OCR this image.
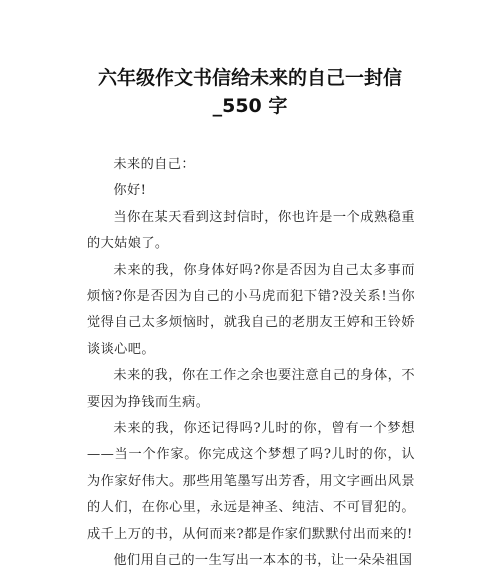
六年级作文书信给未来的自己一封信
_550 字

未来的自己：

你好!

当你在某天看到这封信时，你也许是一个成熟稳重的大姑娘了。

未来的我，你身体好吗?你是否因为自己太多事而烦恼?你是否因为自己的小马虎而犯下错?没关系!当你觉得自己太多烦恼时，就我自己的老朋友王婷和王铃娇谈谈心吧。

未来的我，你在工作之余也要注意自己的身体，不要因为挣钱而生病。

未来的我，你还记得吗?儿时的你，曾有一个梦想——当一个作家。你完成这个梦想了吗?儿时的你，认为作家好伟大。那些用笔墨写出芳香，用文字画出风景的人们，在你心里，永远是神圣、纯洁、不可冒犯的。成千上万的书，从何而来?都是作家们默默付出而来的!

他们用自己的一生写出一本本的书，让一朵朵祖国
